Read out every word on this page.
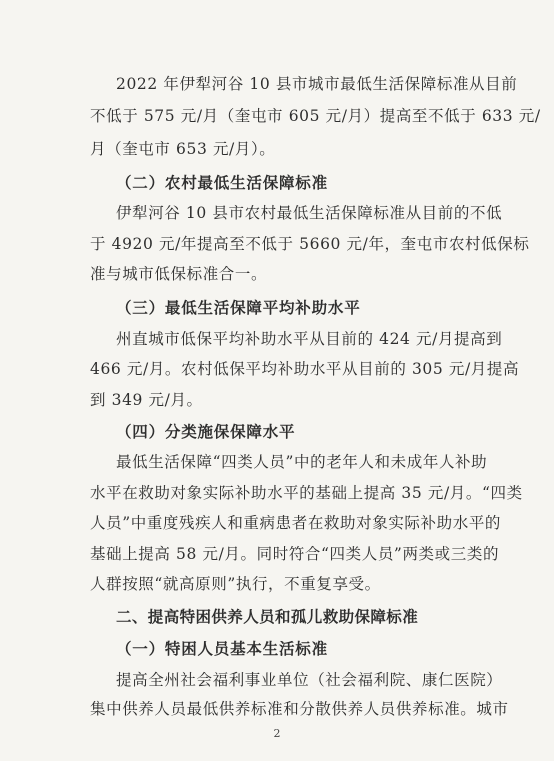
2022 年伊犁河谷 10 县市城市最低生活保障标准从目前
不低于 575 元/月（奎屯市 605 元/月）提高至不低于 633 元/
月（奎屯市 653 元/月）。
（二）农村最低生活保障标准
伊犁河谷 10 县市农村最低生活保障标准从目前的不低
于 4920 元/年提高至不低于 5660 元/年，奎屯市农村低保标
准与城市低保标准合一。
（三）最低生活保障平均补助水平
州直城市低保平均补助水平从目前的 424 元/月提高到
466 元/月。农村低保平均补助水平从目前的 305 元/月提高
到 349 元/月。
（四）分类施保保障水平
最低生活保障“四类人员”中的老年人和未成年人补助
水平在救助对象实际补助水平的基础上提高 35 元/月。“四类
人员”中重度残疾人和重病患者在救助对象实际补助水平的
基础上提高 58 元/月。同时符合“四类人员”两类或三类的
人群按照“就高原则”执行，不重复享受。
二、提高特困供养人员和孤儿救助保障标准
（一）特困人员基本生活标准
提高全州社会福利事业单位（社会福利院、康仁医院）
集中供养人员最低供养标准和分散供养人员供养标准。城市
2
